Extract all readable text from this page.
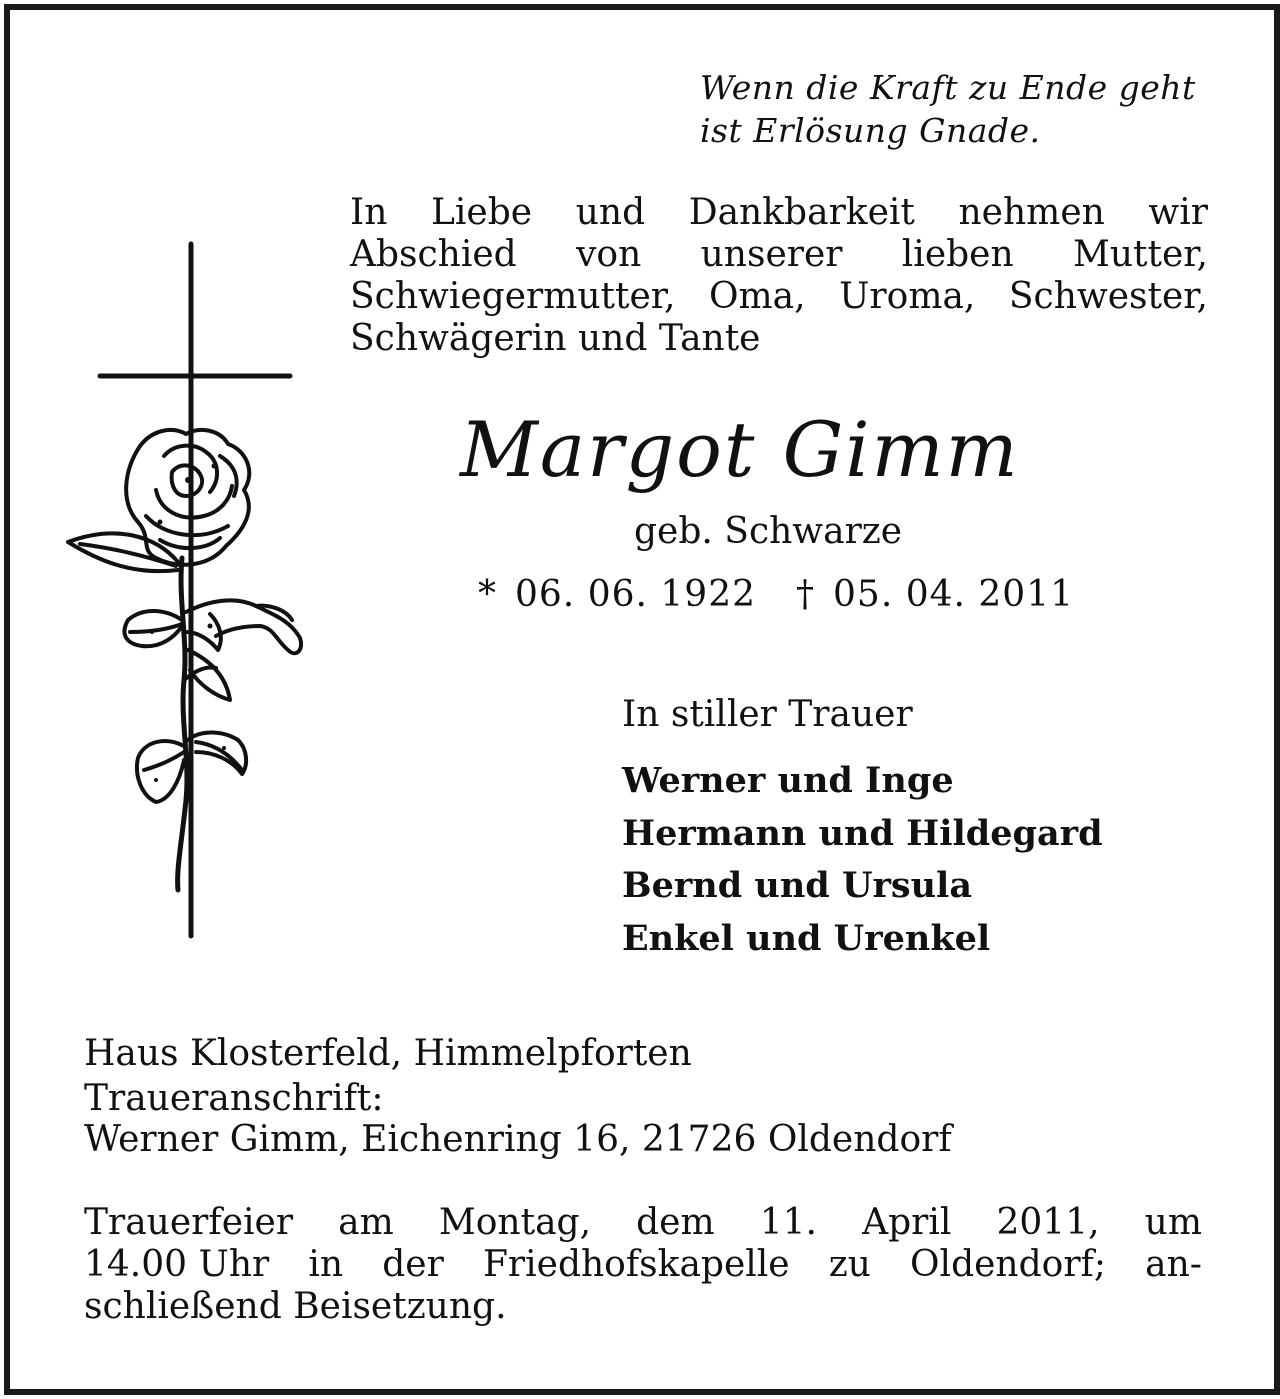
Wenn die Kraft zu Ende geht
ist Erlösung Gnade.
In Liebe und Dankbarkeit nehmen wir
Abschied von unserer lieben Mutter,
Schwiegermutter, Oma, Uroma, Schwester,
Schwägerin und Tante
Margot Gimm
geb. Schwarze
* 06. 06. 1922 † 05. 04. 2011
In stiller Trauer
Werner und Inge
Hermann und Hildegard
Bernd und Ursula
Enkel und Urenkel
Haus Klosterfeld, Himmelpforten
Traueranschrift:
Werner Gimm, Eichenring 16, 21726 Oldendorf
Trauerfeier am Montag, dem 11. April 2011, um
14.00 Uhr in der Friedhofskapelle zu Oldendorf; an-
schließend Beisetzung.
